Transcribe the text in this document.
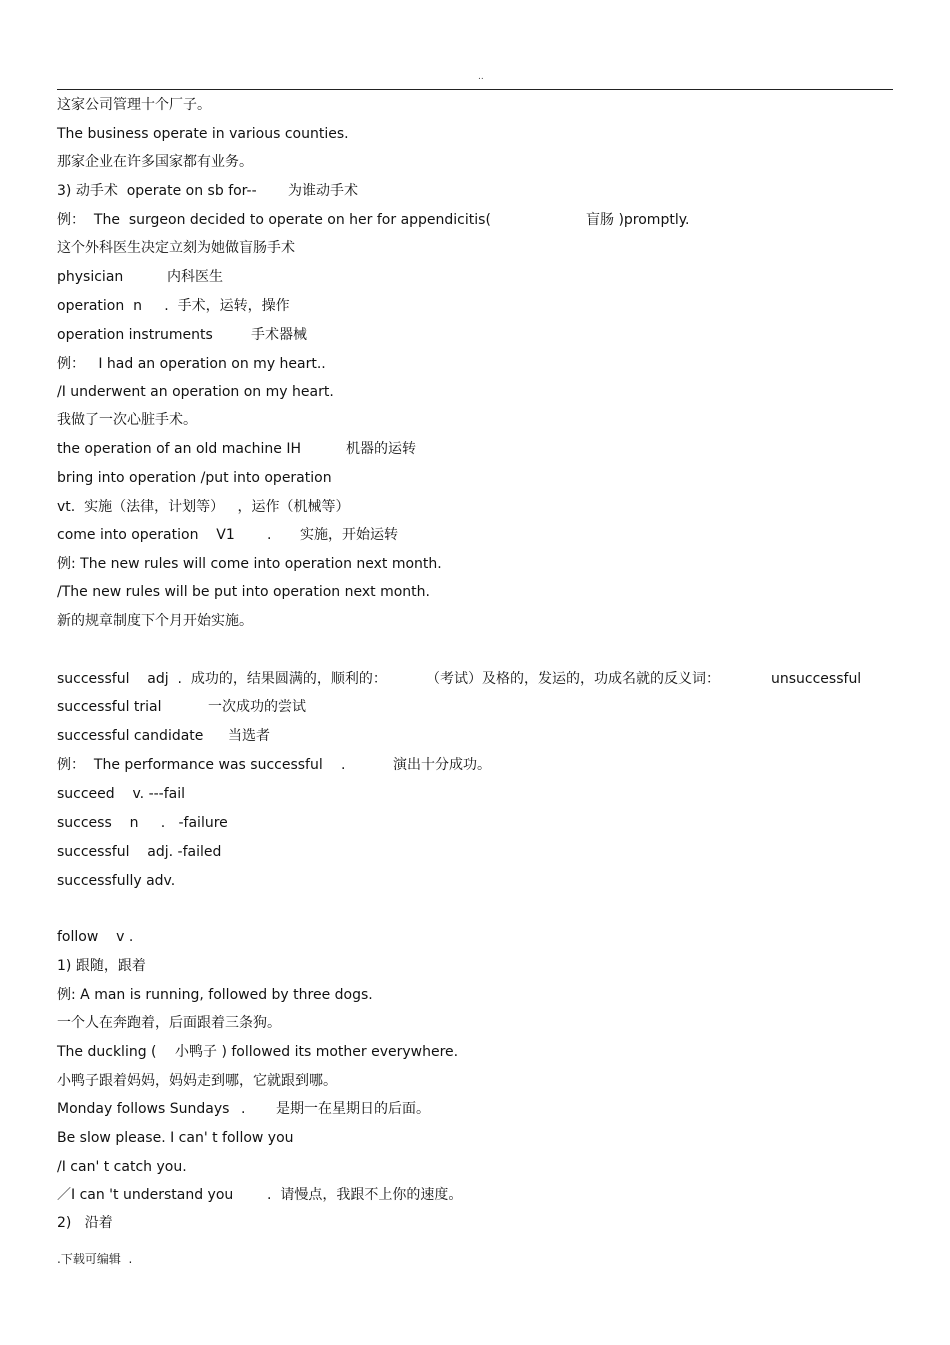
..
这家公司管理十个厂子。
The business operate in various counties.
那家企业在许多国家都有业务。
3) 动手术  operate on sb for-- 为谁动手术
例：  The  surgeon decided to operate on her for appendicitis(	盲肠 )promptly.
这个外科医生决定立刻为她做盲肠手术
physician	内科医生
operation  n     .  手术，运转，操作
operation instruments	手术器械
例：   I had an operation on my heart..
/I underwent an operation on my heart.
我做了一次心脏手术。
the operation of an old machine IH	机器的运转
bring into operation /put into operation
vt.  实施（法律，计划等）   ，运作（机械等）
come into operation    V1 . 实施，开始运转
例: The new rules will come into operation next month.
/The new rules will be put into operation next month.
新的规章制度下个月开始实施。
successful    adj  .  成功的，结果圆满的，顺利的：	（考试）及格的，发运的，功成名就的反义词：	unsuccessful
successful trial	一次成功的尝试
successful candidate 当选者
例：  The performance was successful .	演出十分成功。
succeed    v. ---fail
success    n     .   -failure
successful    adj. -failed
successfully adv.
follow    v .
1) 跟随，跟着
例: A man is running, followed by three dogs.
一个人在奔跑着，后面跟着三条狗。
The duckling ( 小鸭子 ) followed its mother everywhere.
小鸭子跟着妈妈，妈妈走到哪，它就跟到哪。
Monday follows Sundays . 是期一在星期日的后面。
Be slow please. I can' t follow you
/I can' t catch you.
／I can 't understand you .  请慢点，我跟不上你的速度。
2)   沿着
.下载可编辑  .
